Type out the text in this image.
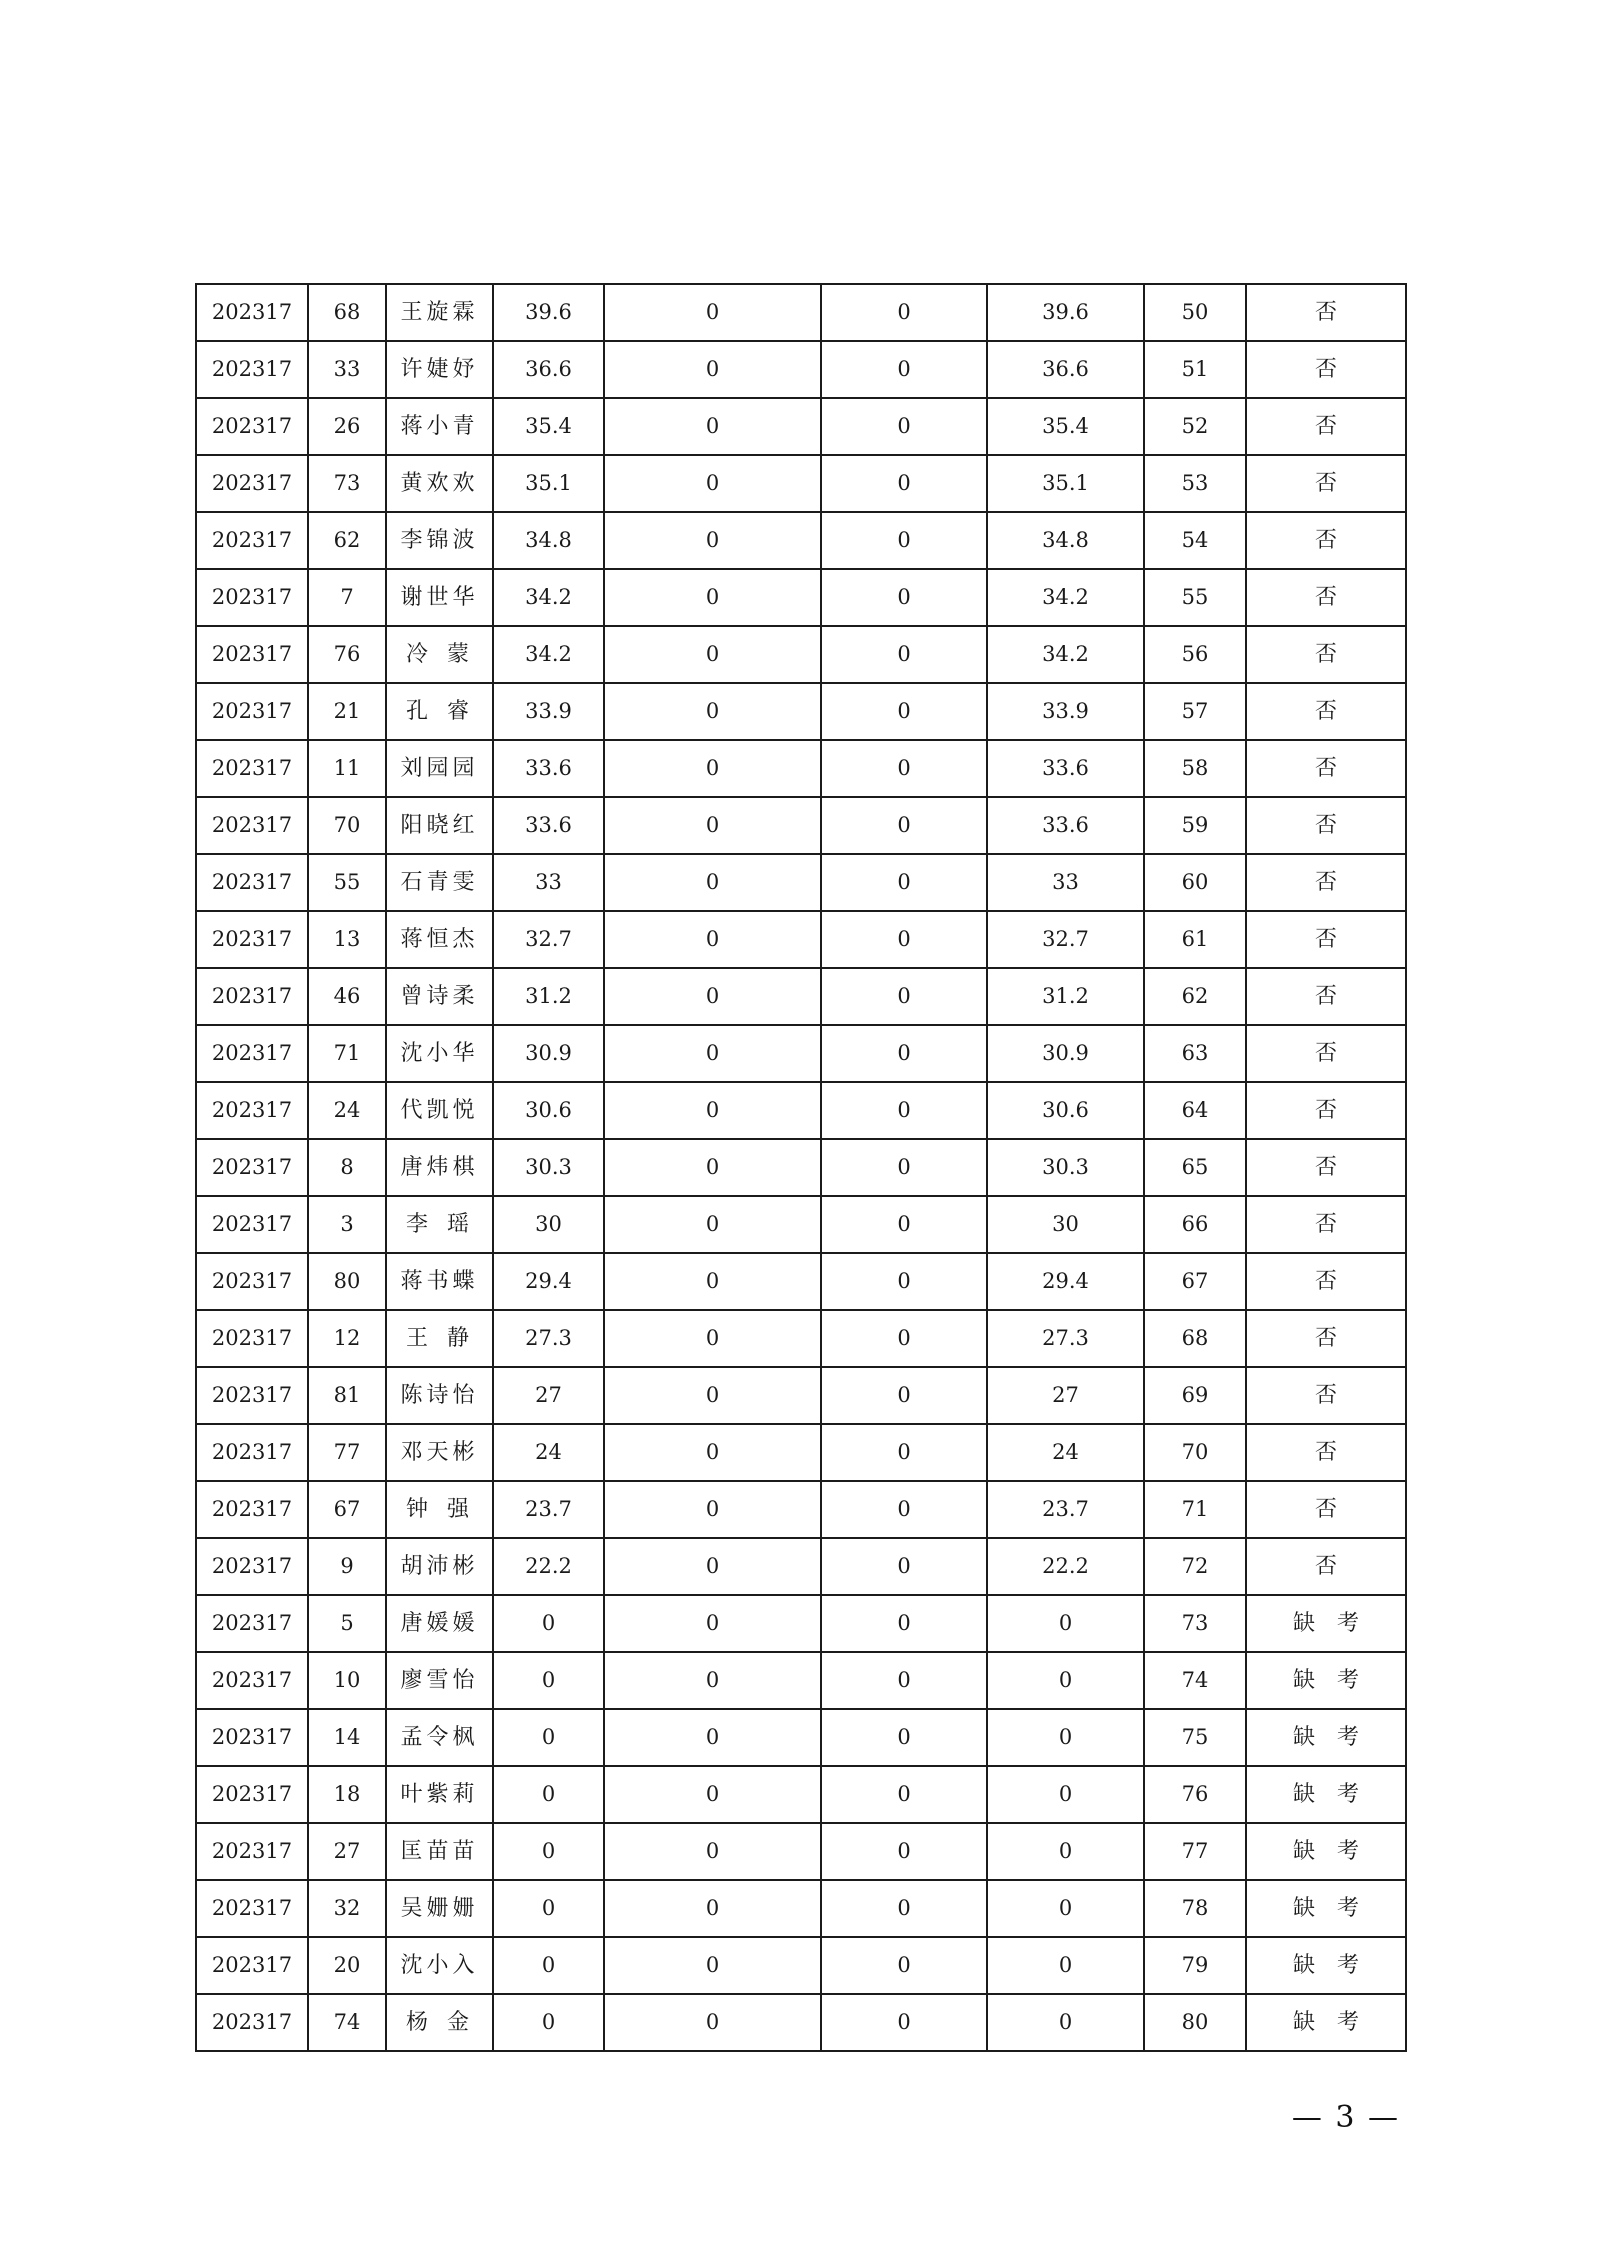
202317	68	王旋霖	39.6	0	0	39.6	50	否
202317	33	许婕妤	36.6	0	0	36.6	51	否
202317	26	蒋小青	35.4	0	0	35.4	52	否
202317	73	黄欢欢	35.1	0	0	35.1	53	否
202317	62	李锦波	34.8	0	0	34.8	54	否
202317	7	谢世华	34.2	0	0	34.2	55	否
202317	76	冷 蒙	34.2	0	0	34.2	56	否
202317	21	孔 睿	33.9	0	0	33.9	57	否
202317	11	刘园园	33.6	0	0	33.6	58	否
202317	70	阳晓红	33.6	0	0	33.6	59	否
202317	55	石青雯	33	0	0	33	60	否
202317	13	蒋恒杰	32.7	0	0	32.7	61	否
202317	46	曾诗柔	31.2	0	0	31.2	62	否
202317	71	沈小华	30.9	0	0	30.9	63	否
202317	24	代凯悦	30.6	0	0	30.6	64	否
202317	8	唐炜棋	30.3	0	0	30.3	65	否
202317	3	李 瑶	30	0	0	30	66	否
202317	80	蒋书蝶	29.4	0	0	29.4	67	否
202317	12	王 静	27.3	0	0	27.3	68	否
202317	81	陈诗怡	27	0	0	27	69	否
202317	77	邓天彬	24	0	0	24	70	否
202317	67	钟 强	23.7	0	0	23.7	71	否
202317	9	胡沛彬	22.2	0	0	22.2	72	否
202317	5	唐媛媛	0	0	0	0	73	缺　考
202317	10	廖雪怡	0	0	0	0	74	缺　考
202317	14	孟令枫	0	0	0	0	75	缺　考
202317	18	叶紫莉	0	0	0	0	76	缺　考
202317	27	匡苗苗	0	0	0	0	77	缺　考
202317	32	吴姗姗	0	0	0	0	78	缺　考
202317	20	沈小入	0	0	0	0	79	缺　考
202317	74	杨 金	0	0	0	0	80	缺　考
— 3 —
